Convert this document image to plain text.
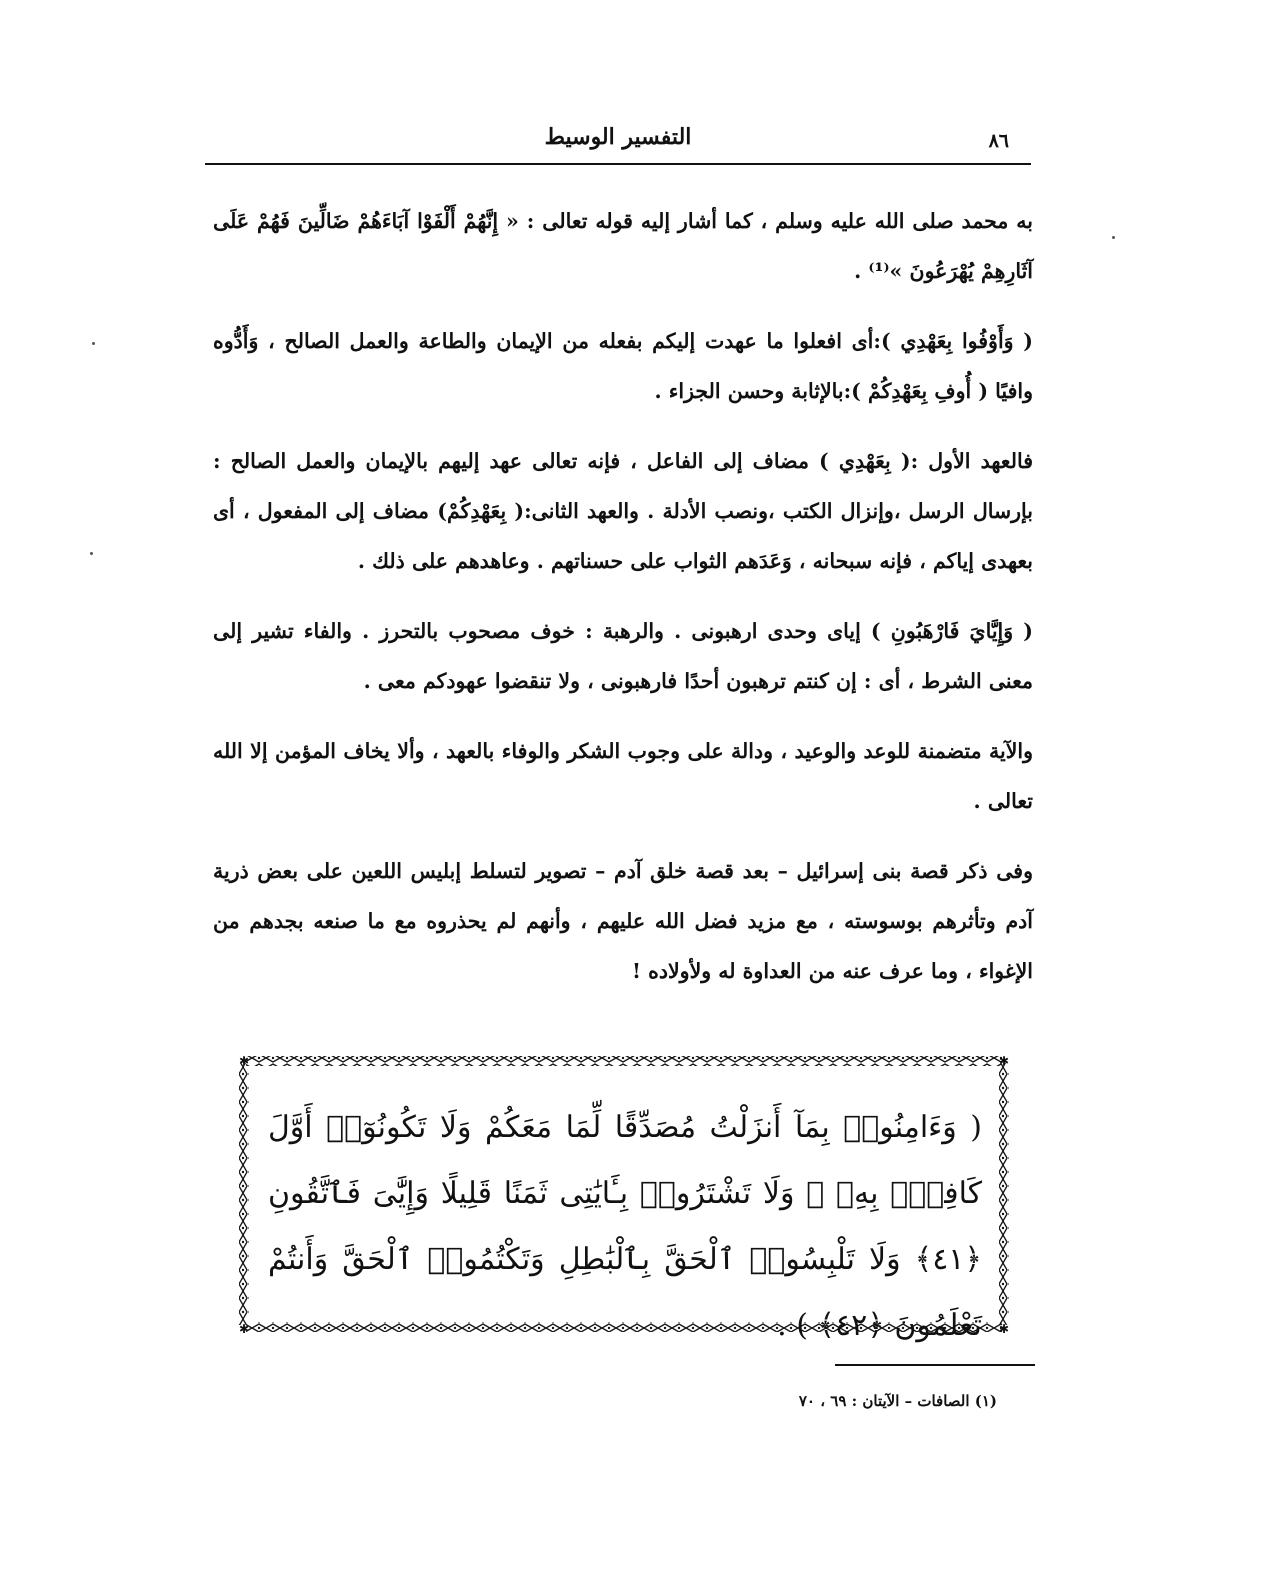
٨٦
التفسير الوسيط

به محمد صلى الله عليه وسلم ، كما أشار إليه قوله تعالى : « إِنَّهُمْ أَلْفَوْا آبَاءَهُمْ ضَالِّينَ فَهُمْ عَلَى آثَارِهِمْ يُهْرَعُونَ »⁽¹⁾ .

( وَأَوْفُوا بِعَهْدِي ):أى افعلوا ما عهدت إليكم بفعله من الإيمان والطاعة والعمل الصالح ، وَأَدُّوه وافيًا ( أُوفِ بِعَهْدِكُمْ ):بالإثابة وحسن الجزاء .

فالعهد الأول :( بِعَهْدِي ) مضاف إلى الفاعل ، فإنه تعالى عهد إليهم بالإيمان والعمل الصالح : بإرسال الرسل ،وإنزال الكتب ،ونصب الأدلة . والعهد الثانى:( بِعَهْدِكُمْ) مضاف إلى المفعول ، أى بعهدى إياكم ، فإنه سبحانه ، وَعَدَهم الثواب على حسناتهم . وعاهدهم على ذلك .

( وَإِيَّايَ فَارْهَبُونِ ) إياى وحدى ارهبونى . والرهبة : خوف مصحوب بالتحرز . والفاء تشير إلى معنى الشرط ، أى : إن كنتم ترهبون أحدًا فارهبونى ، ولا تنقضوا عهودكم معى .

والآية متضمنة للوعد والوعيد ، ودالة على وجوب الشكر والوفاء بالعهد ، وألا يخاف المؤمن إلا الله تعالى .

وفى ذكر قصة بنى إسرائيل – بعد قصة خلق آدم – تصوير لتسلط إبليس اللعين على بعض ذرية آدم وتأثرهم بوسوسته ، مع مزيد فضل الله عليهم ، وأنهم لم يحذروه مع ما صنعه بجدهم من الإغواء ، وما عرف عنه من العداوة له ولأولاده !

✱	✱
✱	✱
( وَءَامِنُوا۟ بِمَآ أَنزَلْتُ مُصَدِّقًا لِّمَا مَعَكُمْ وَلَا تَكُونُوٓا۟ أَوَّلَ كَافِرٍۭ بِهِۦ ۖ وَلَا تَشْتَرُوا۟ بِـَٔايَٰتِى ثَمَنًا قَلِيلًا وَإِيَّٰىَ فَٱتَّقُونِ ﴿٤١﴾ وَلَا تَلْبِسُوا۟ ٱلْحَقَّ بِٱلْبَٰطِلِ وَتَكْتُمُوا۟ ٱلْحَقَّ وَأَنتُمْ تَعْلَمُونَ ﴿٤٢﴾ ) .
(١) الصافات – الآيتان : ٦٩ ، ٧٠
